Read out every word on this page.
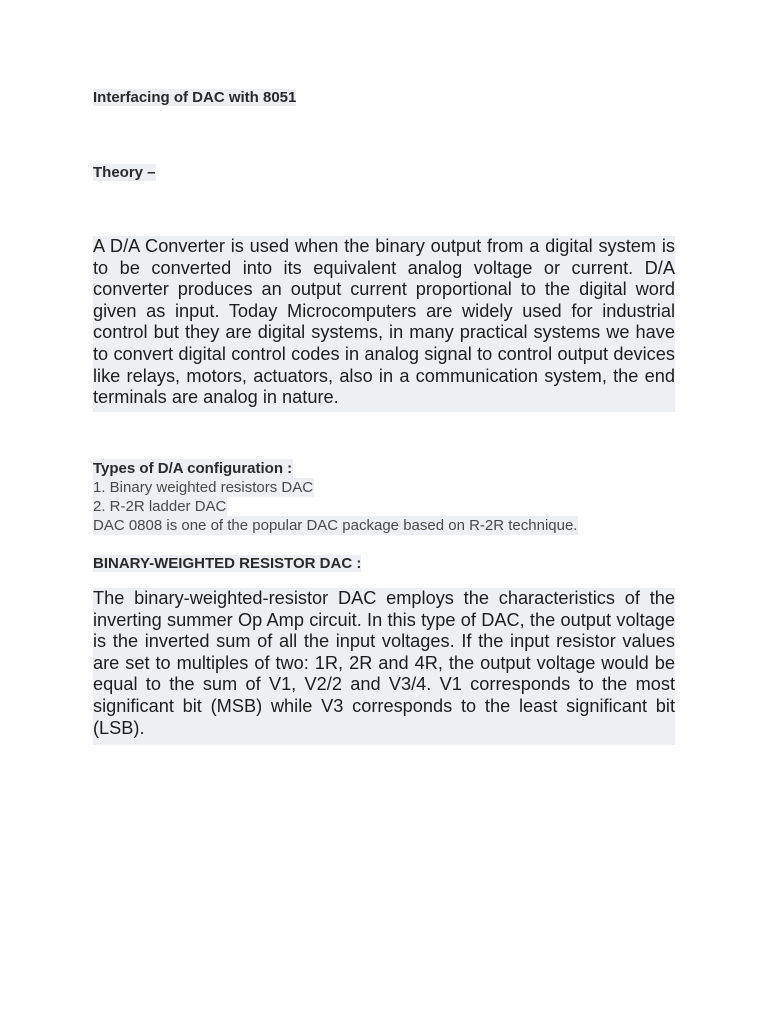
Interfacing of DAC with 8051
Theory –

A D/A Converter is used when the binary output from a digital system is to be converted into its equivalent analog voltage or current. D/A converter produces an output current proportional to the digital word given as input. Today Microcomputers are widely used for industrial control but they are digital systems, in many practical systems we have to convert digital control codes in analog signal to control output devices like relays, motors, actuators, also in a communication system, the end terminals are analog in nature.

Types of D/A configuration :
1. Binary weighted resistors DAC
2. R-2R ladder DAC
DAC 0808 is one of the popular DAC package based on R-2R technique.
BINARY-WEIGHTED RESISTOR DAC :

The binary-weighted-resistor DAC employs the characteristics of the inverting summer Op Amp circuit. In this type of DAC, the output voltage is the inverted sum of all the input voltages. If the input resistor values are set to multiples of two: 1R, 2R and 4R, the output voltage would be equal to the sum of V1, V2/2 and V3/4. V1 corresponds to the most significant bit (MSB) while V3 corresponds to the least significant bit (LSB).
